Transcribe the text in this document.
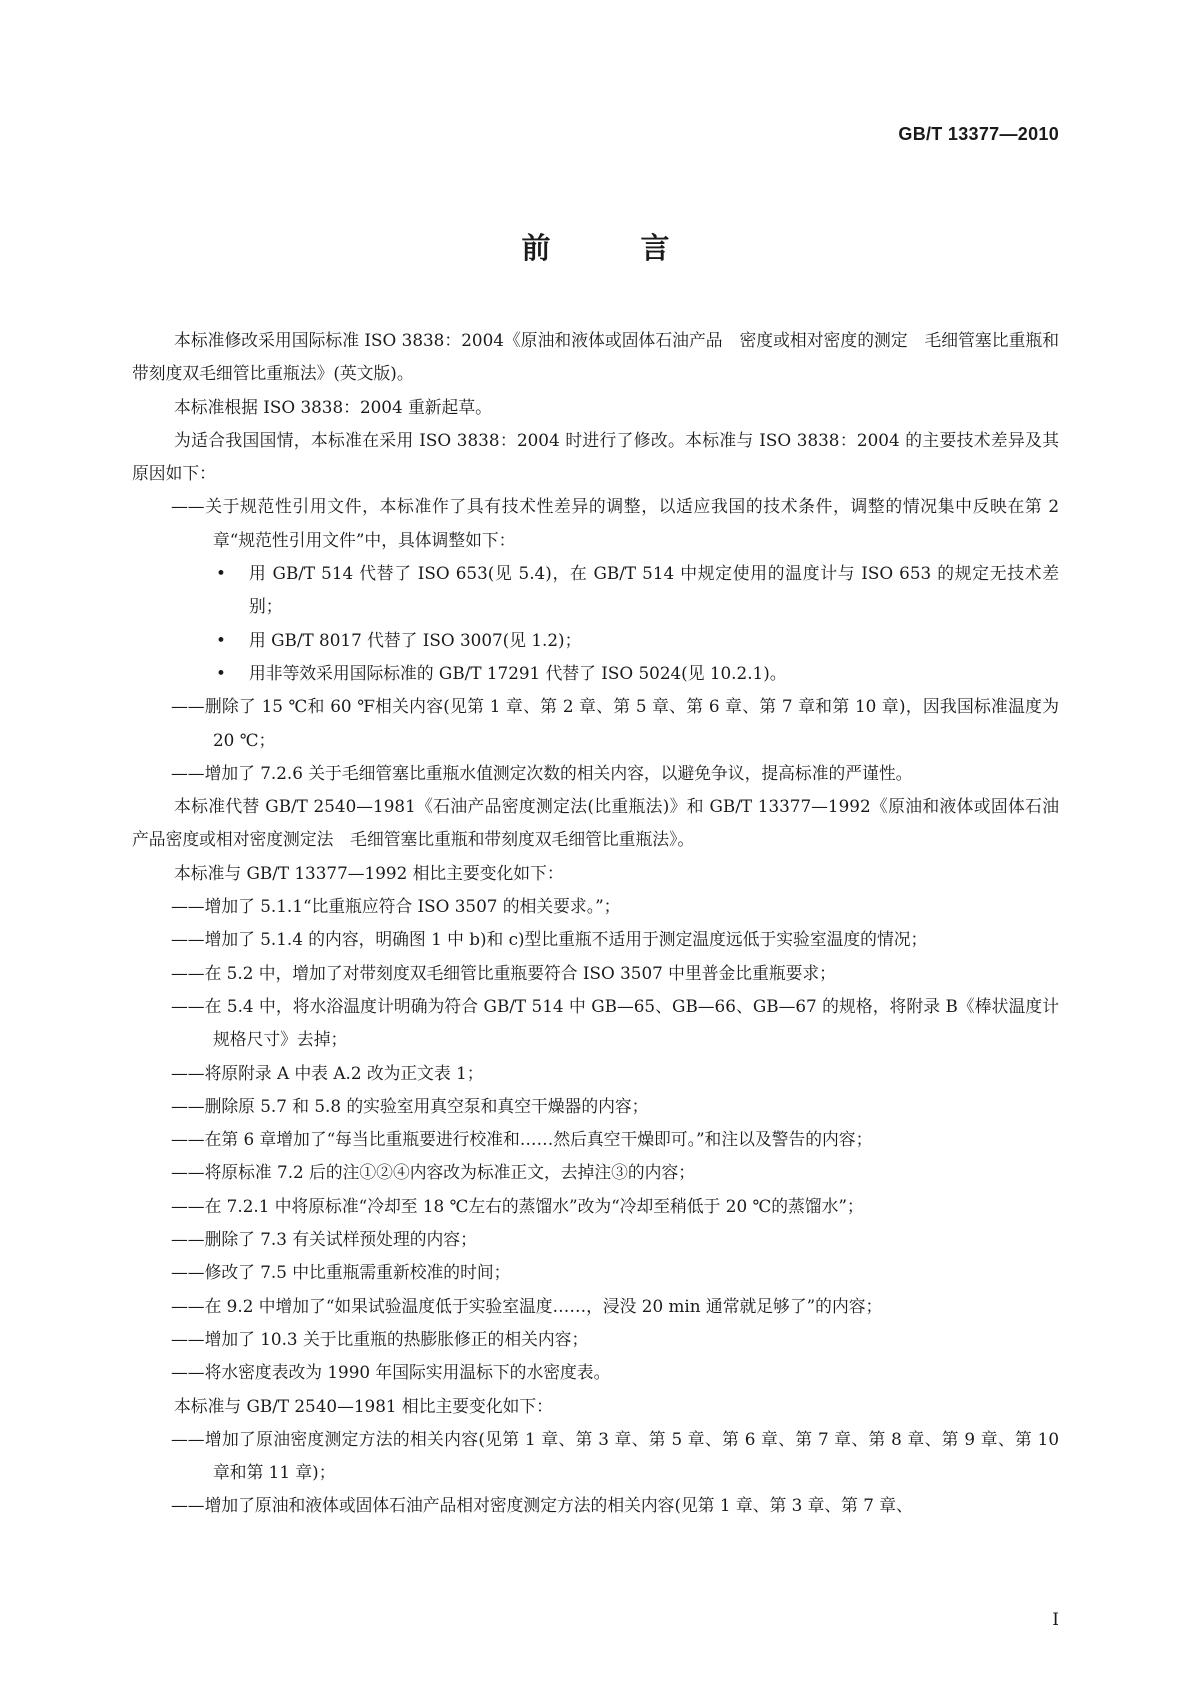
GB/T 13377—2010
前 言

本标准修改采用国际标准 ISO 3838：2004《原油和液体或固体石油产品　密度或相对密度的测定　毛细管塞比重瓶和带刻度双毛细管比重瓶法》(英文版)。

本标准根据 ISO 3838：2004 重新起草。

为适合我国国情，本标准在采用 ISO 3838：2004 时进行了修改。本标准与 ISO 3838：2004 的主要技术差异及其原因如下：

——关于规范性引用文件，本标准作了具有技术性差异的调整，以适应我国的技术条件，调整的情况集中反映在第 2 章“规范性引用文件”中，具体调整如下：

• 用 GB/T 514 代替了 ISO 653(见 5.4)，在 GB/T 514 中规定使用的温度计与 ISO 653 的规定无技术差别；

• 用 GB/T 8017 代替了 ISO 3007(见 1.2)；

• 用非等效采用国际标准的 GB/T 17291 代替了 ISO 5024(见 10.2.1)。

——删除了 15 ℃和 60 ℉相关内容(见第 1 章、第 2 章、第 5 章、第 6 章、第 7 章和第 10 章)，因我国标准温度为 20 ℃；

——增加了 7.2.6 关于毛细管塞比重瓶水值测定次数的相关内容，以避免争议，提高标准的严谨性。

本标准代替 GB/T 2540—1981《石油产品密度测定法(比重瓶法)》和 GB/T 13377—1992《原油和液体或固体石油产品密度或相对密度测定法　毛细管塞比重瓶和带刻度双毛细管比重瓶法》。

本标准与 GB/T 13377—1992 相比主要变化如下：

——增加了 5.1.1“比重瓶应符合 ISO 3507 的相关要求。”；

——增加了 5.1.4 的内容，明确图 1 中 b)和 c)型比重瓶不适用于测定温度远低于实验室温度的情况；

——在 5.2 中，增加了对带刻度双毛细管比重瓶要符合 ISO 3507 中里普金比重瓶要求；

——在 5.4 中，将水浴温度计明确为符合 GB/T 514 中 GB—65、GB—66、GB—67 的规格，将附录 B《棒状温度计规格尺寸》去掉；

——将原附录 A 中表 A.2 改为正文表 1；

——删除原 5.7 和 5.8 的实验室用真空泵和真空干燥器的内容；

——在第 6 章增加了“每当比重瓶要进行校准和……然后真空干燥即可。”和注以及警告的内容；

——将原标准 7.2 后的注①②④内容改为标准正文，去掉注③的内容；

——在 7.2.1 中将原标准“冷却至 18 ℃左右的蒸馏水”改为“冷却至稍低于 20 ℃的蒸馏水”；

——删除了 7.3 有关试样预处理的内容；

——修改了 7.5 中比重瓶需重新校准的时间；

——在 9.2 中增加了“如果试验温度低于实验室温度……，浸没 20 min 通常就足够了”的内容；

——增加了 10.3 关于比重瓶的热膨胀修正的相关内容；

——将水密度表改为 1990 年国际实用温标下的水密度表。

本标准与 GB/T 2540—1981 相比主要变化如下：

——增加了原油密度测定方法的相关内容(见第 1 章、第 3 章、第 5 章、第 6 章、第 7 章、第 8 章、第 9 章、第 10 章和第 11 章)；

——增加了原油和液体或固体石油产品相对密度测定方法的相关内容(见第 1 章、第 3 章、第 7 章、

I
